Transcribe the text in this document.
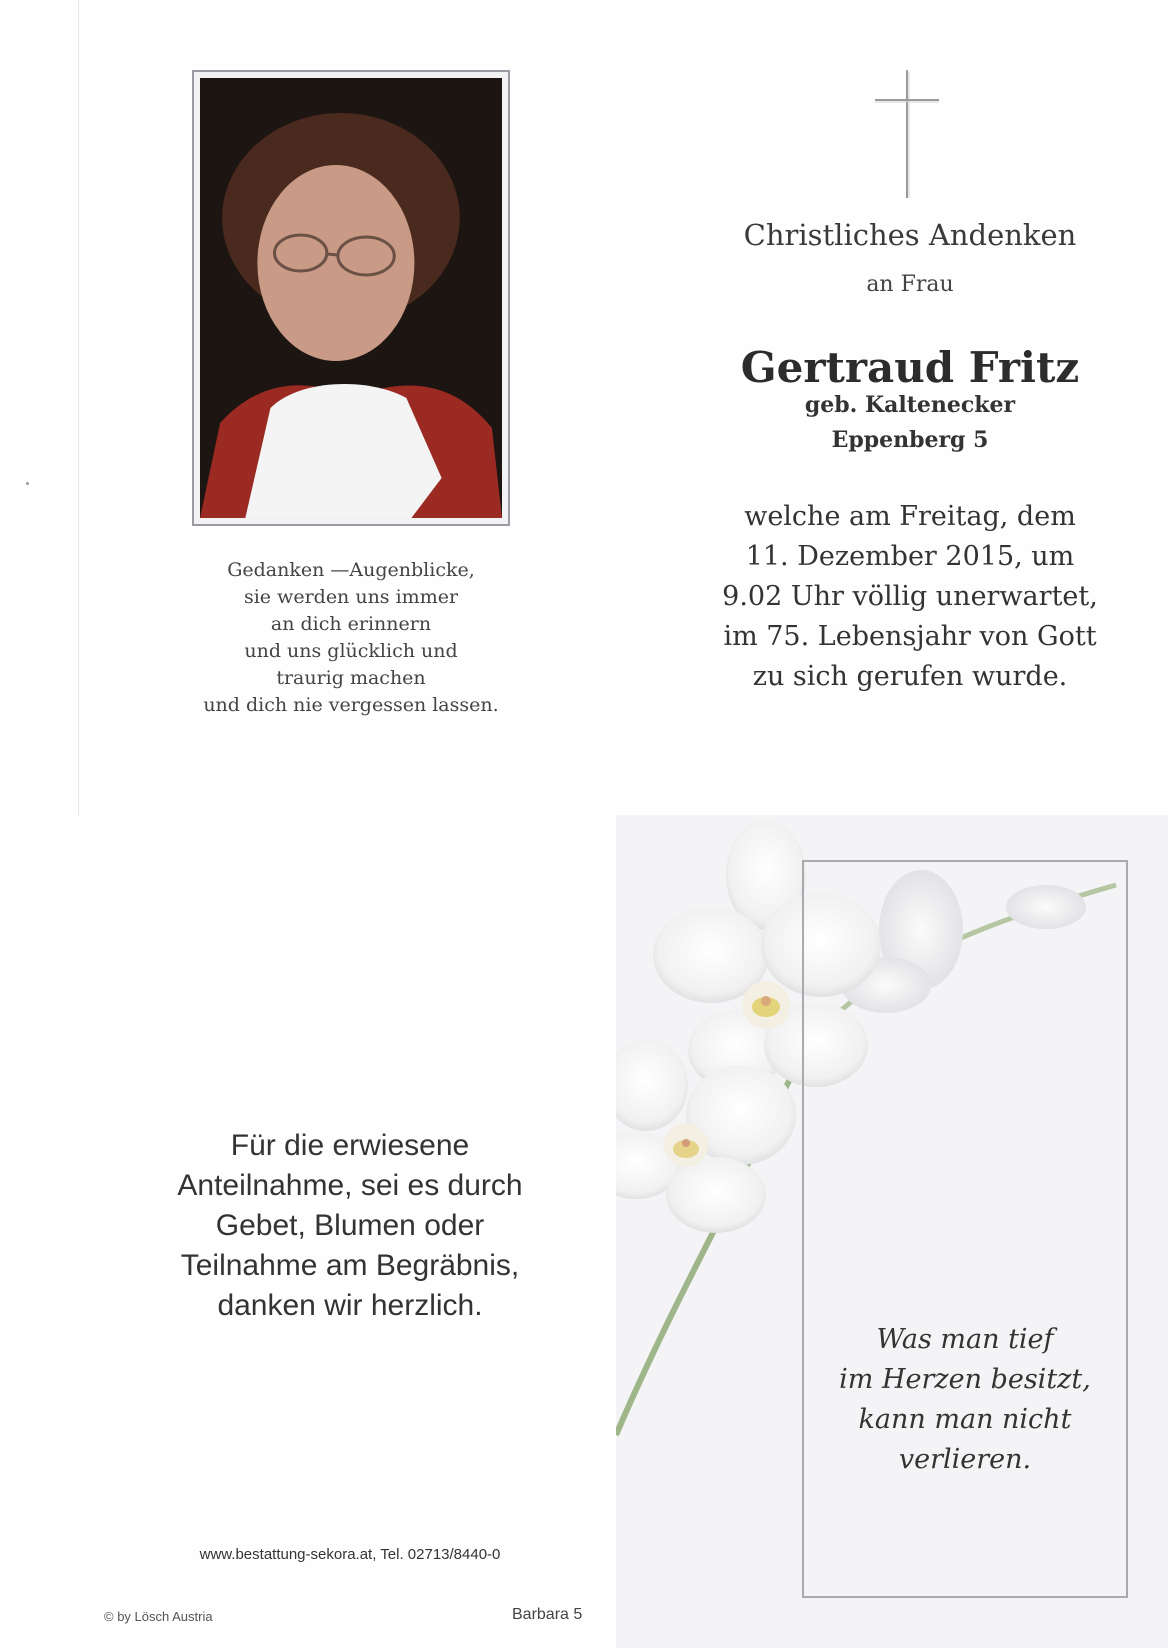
Was man tief
im Herzen besitzt,
kann man nicht
verlieren.
Gedanken —Augenblicke,
sie werden uns immer
an dich erinnern
und uns glücklich und
traurig machen
und dich nie vergessen lassen.
Christliches Andenken
an Frau
Gertraud Fritz
geb. Kaltenecker
Eppenberg 5
welche am Freitag, dem
11. Dezember 2015, um
9.02 Uhr völlig unerwartet,
im 75. Lebensjahr von Gott
zu sich gerufen wurde.
Für die erwiesene
Anteilnahme, sei es durch
Gebet, Blumen oder
Teilnahme am Begräbnis,
danken wir herzlich.
www.bestattung-sekora.at, Tel. 02713/8440-0
© by Lösch Austria	Barbara 5
